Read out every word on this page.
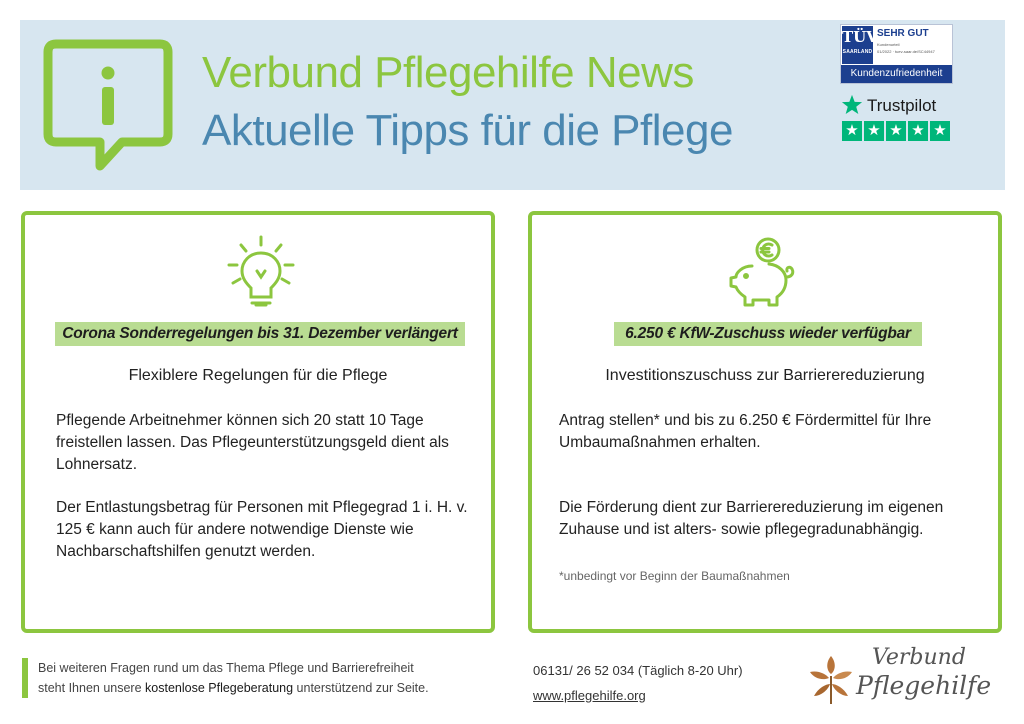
Verbund Pflegehilfe News
Aktuelle Tipps für die Pflege
TÜV
SAARLAND
SEHR GUT
Kundenurteil
01/2022 · tuev-saar.de/SC44947
Kundenzufriedenheit
Trustpilot
★ ★ ★ ★ ★
Corona Sonderregelungen bis 31. Dezember verlängert
Flexiblere Regelungen für die Pflege
Pflegende Arbeitnehmer können sich 20 statt 10 Tage freistellen lassen. Das Pflegeunterstützungsgeld dient als Lohnersatz.
Der Entlastungsbetrag für Personen mit Pflegegrad 1 i. H. v. 125 € kann auch für andere notwendige Dienste wie Nachbarschaftshilfen genutzt werden.
6.250 € KfW-Zuschuss wieder verfügbar
Investitionszuschuss zur Barrierereduzierung
Antrag stellen* und bis zu 6.250 € Fördermittel für Ihre Umbaumaßnahmen erhalten.
Die Förderung dient zur Barrierereduzierung im eigenen Zuhause und ist alters- sowie pflegegradunabhängig.
*unbedingt vor Beginn der Baumaßnahmen
Bei weiteren Fragen rund um das Thema Pflege und Barrierefreiheit
steht Ihnen unsere kostenlose Pflegeberatung unterstützend zur Seite.
06131/ 26 52 034 (Täglich 8-20 Uhr)
www.pflegehilfe.org
Verbund
Pflegehilfe
